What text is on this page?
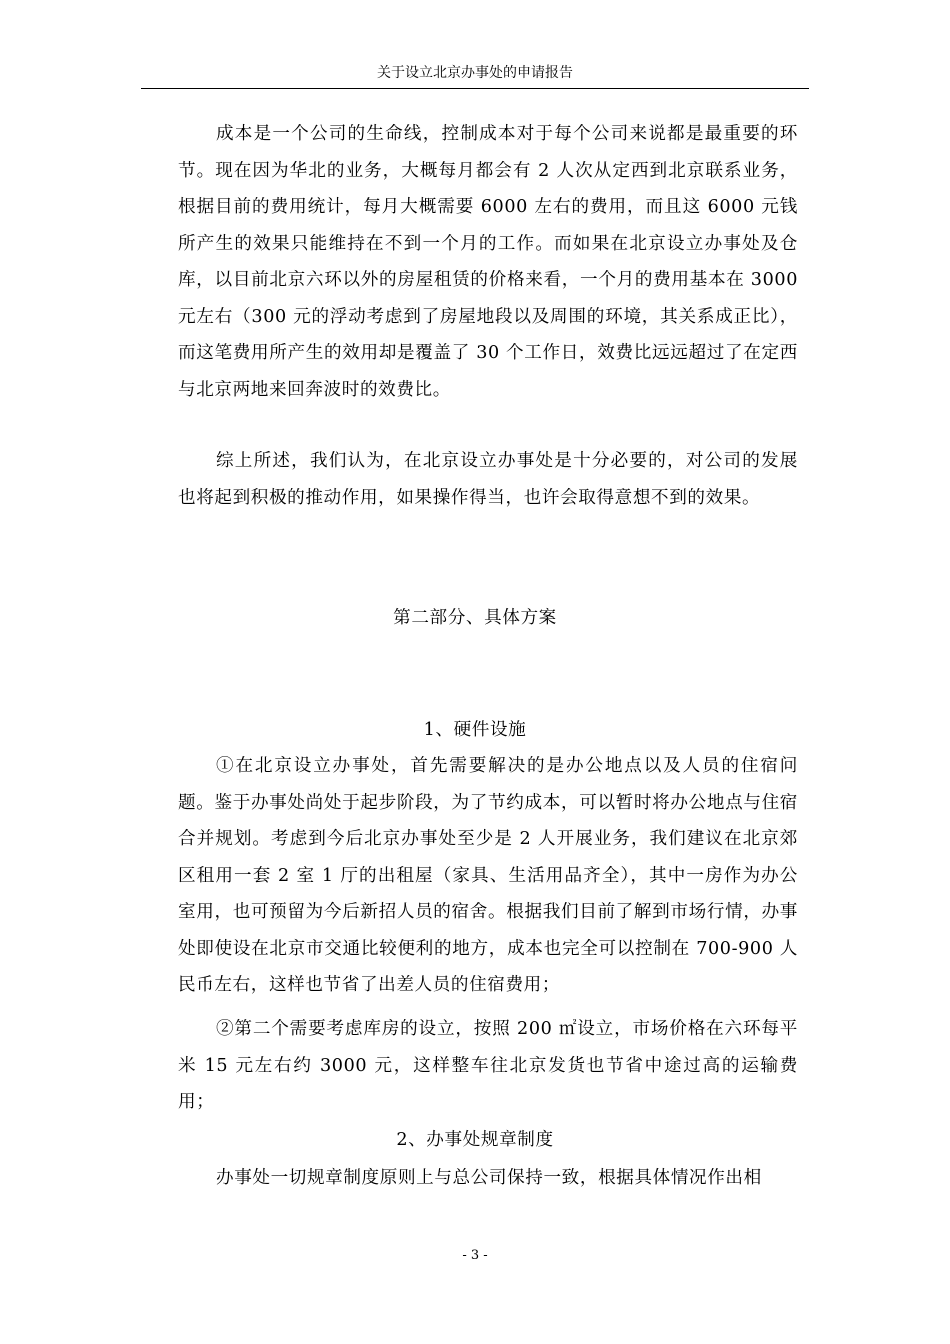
关于设立北京办事处的申请报告

成本是一个公司的生命线，控制成本对于每个公司来说都是最重要的环节。现在因为华北的业务，大概每月都会有 2 人次从定西到北京联系业务，根据目前的费用统计，每月大概需要 6000 左右的费用，而且这 6000 元钱所产生的效果只能维持在不到一个月的工作。而如果在北京设立办事处及仓库，以目前北京六环以外的房屋租赁的价格来看，一个月的费用基本在 3000 元左右（300 元的浮动考虑到了房屋地段以及周围的环境，其关系成正比），而这笔费用所产生的效用却是覆盖了 30 个工作日，效费比远远超过了在定西与北京两地来回奔波时的效费比。

综上所述，我们认为，在北京设立办事处是十分必要的，对公司的发展也将起到积极的推动作用，如果操作得当，也许会取得意想不到的效果。

第二部分、具体方案

1、硬件设施

①在北京设立办事处，首先需要解决的是办公地点以及人员的住宿问题。鉴于办事处尚处于起步阶段，为了节约成本，可以暂时将办公地点与住宿合并规划。考虑到今后北京办事处至少是 2 人开展业务，我们建议在北京郊区租用一套 2 室 1 厅的出租屋（家具、生活用品齐全），其中一房作为办公室用，也可预留为今后新招人员的宿舍。根据我们目前了解到市场行情，办事处即使设在北京市交通比较便利的地方，成本也完全可以控制在 700-900 人民币左右，这样也节省了出差人员的住宿费用；

②第二个需要考虑库房的设立，按照 200 ㎡设立，市场价格在六环每平米 15 元左右约 3000 元，这样整车往北京发货也节省中途过高的运输费用；

2、办事处规章制度

办事处一切规章制度原则上与总公司保持一致，根据具体情况作出相

- 3 -
